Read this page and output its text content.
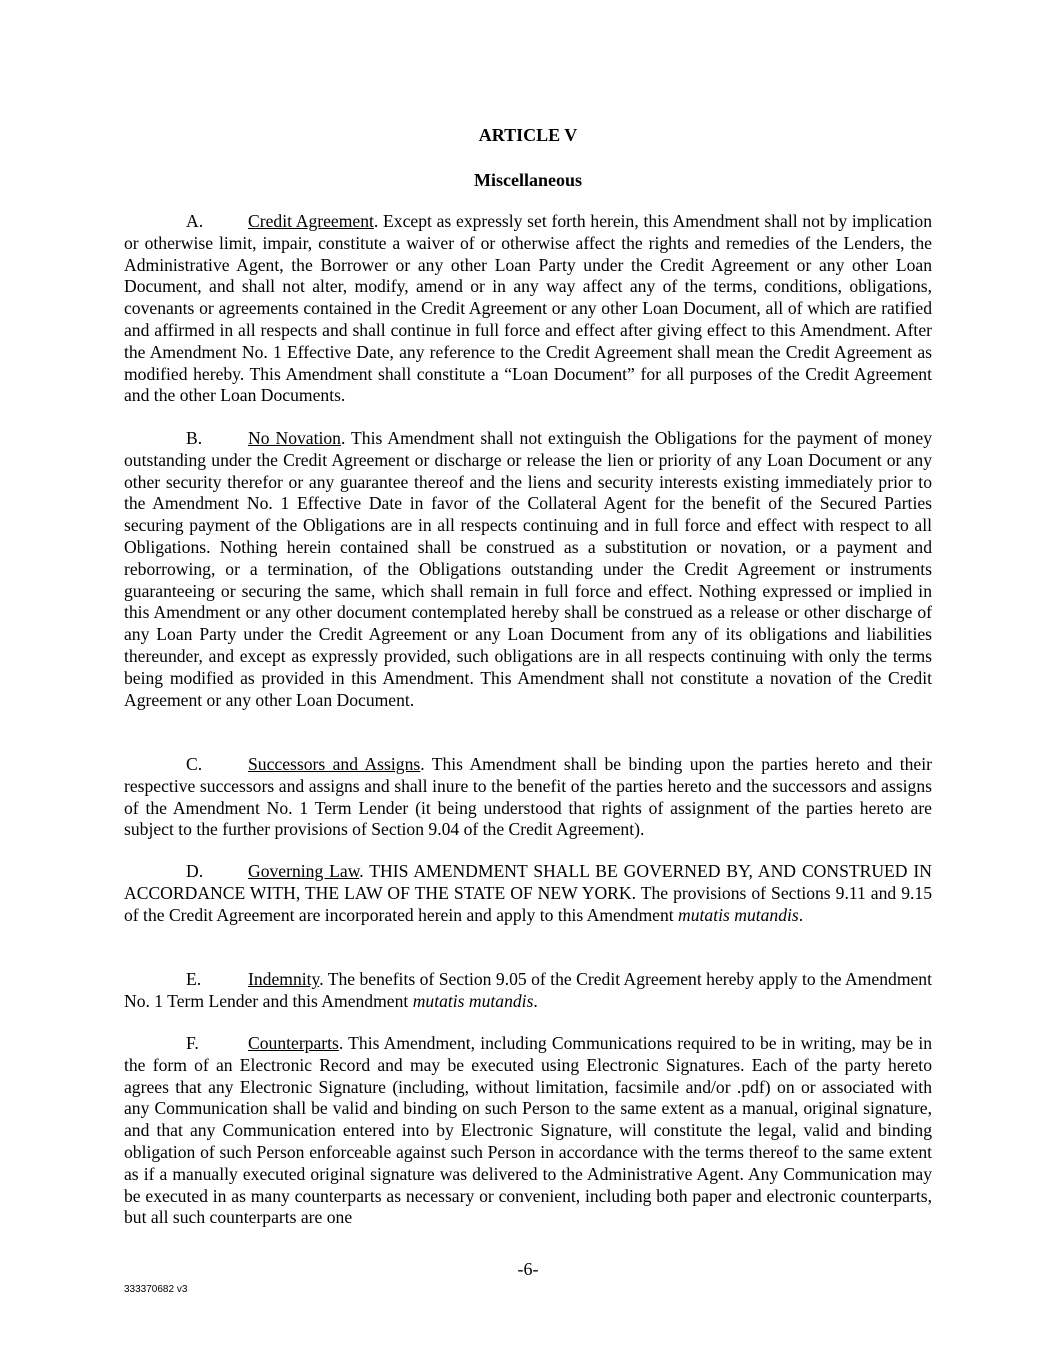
ARTICLE V

Miscellaneous

A.	Credit Agreement. Except as expressly set forth herein, this Amendment shall not by implication or otherwise limit, impair, constitute a waiver of or otherwise affect the rights and remedies of the Lenders, the Administrative Agent, the Borrower or any other Loan Party under the Credit Agreement or any other Loan Document, and shall not alter, modify, amend or in any way affect any of the terms, conditions, obligations, covenants or agreements contained in the Credit Agreement or any other Loan Document, all of which are ratified and affirmed in all respects and shall continue in full force and effect after giving effect to this Amendment. After the Amendment No. 1 Effective Date, any reference to the Credit Agreement shall mean the Credit Agreement as modified hereby. This Amendment shall constitute a “Loan Document” for all purposes of the Credit Agreement and the other Loan Documents.

B.	No Novation. This Amendment shall not extinguish the Obligations for the payment of money outstanding under the Credit Agreement or discharge or release the lien or priority of any Loan Document or any other security therefor or any guarantee thereof and the liens and security interests existing immediately prior to the Amendment No. 1 Effective Date in favor of the Collateral Agent for the benefit of the Secured Parties securing payment of the Obligations are in all respects continuing and in full force and effect with respect to all Obligations. Nothing herein contained shall be construed as a substitution or novation, or a payment and reborrowing, or a termination, of the Obligations outstanding under the Credit Agreement or instruments guaranteeing or securing the same, which shall remain in full force and effect. Nothing expressed or implied in this Amendment or any other document contemplated hereby shall be construed as a release or other discharge of any Loan Party under the Credit Agreement or any Loan Document from any of its obligations and liabilities thereunder, and except as expressly provided, such obligations are in all respects continuing with only the terms being modified as provided in this Amendment. This Amendment shall not constitute a novation of the Credit Agreement or any other Loan Document.

C.	Successors and Assigns. This Amendment shall be binding upon the parties hereto and their respective successors and assigns and shall inure to the benefit of the parties hereto and the successors and assigns of the Amendment No. 1 Term Lender (it being understood that rights of assignment of the parties hereto are subject to the further provisions of Section 9.04 of the Credit Agreement).

D.	Governing Law. THIS AMENDMENT SHALL BE GOVERNED BY, AND CONSTRUED IN ACCORDANCE WITH, THE LAW OF THE STATE OF NEW YORK. The provisions of Sections 9.11 and 9.15 of the Credit Agreement are incorporated herein and apply to this Amendment mutatis mutandis.

E.	Indemnity. The benefits of Section 9.05 of the Credit Agreement hereby apply to the Amendment No. 1 Term Lender and this Amendment mutatis mutandis.

F.	Counterparts. This Amendment, including Communications required to be in writing, may be in the form of an Electronic Record and may be executed using Electronic Signatures. Each of the party hereto agrees that any Electronic Signature (including, without limitation, facsimile and/or .pdf) on or associated with any Communication shall be valid and binding on such Person to the same extent as a manual, original signature, and that any Communication entered into by Electronic Signature, will constitute the legal, valid and binding obligation of such Person enforceable against such Person in accordance with the terms thereof to the same extent as if a manually executed original signature was delivered to the Administrative Agent. Any Communication may be executed in as many counterparts as necessary or convenient, including both paper and electronic counterparts, but all such counterparts are one

-6-

333370682 v3
